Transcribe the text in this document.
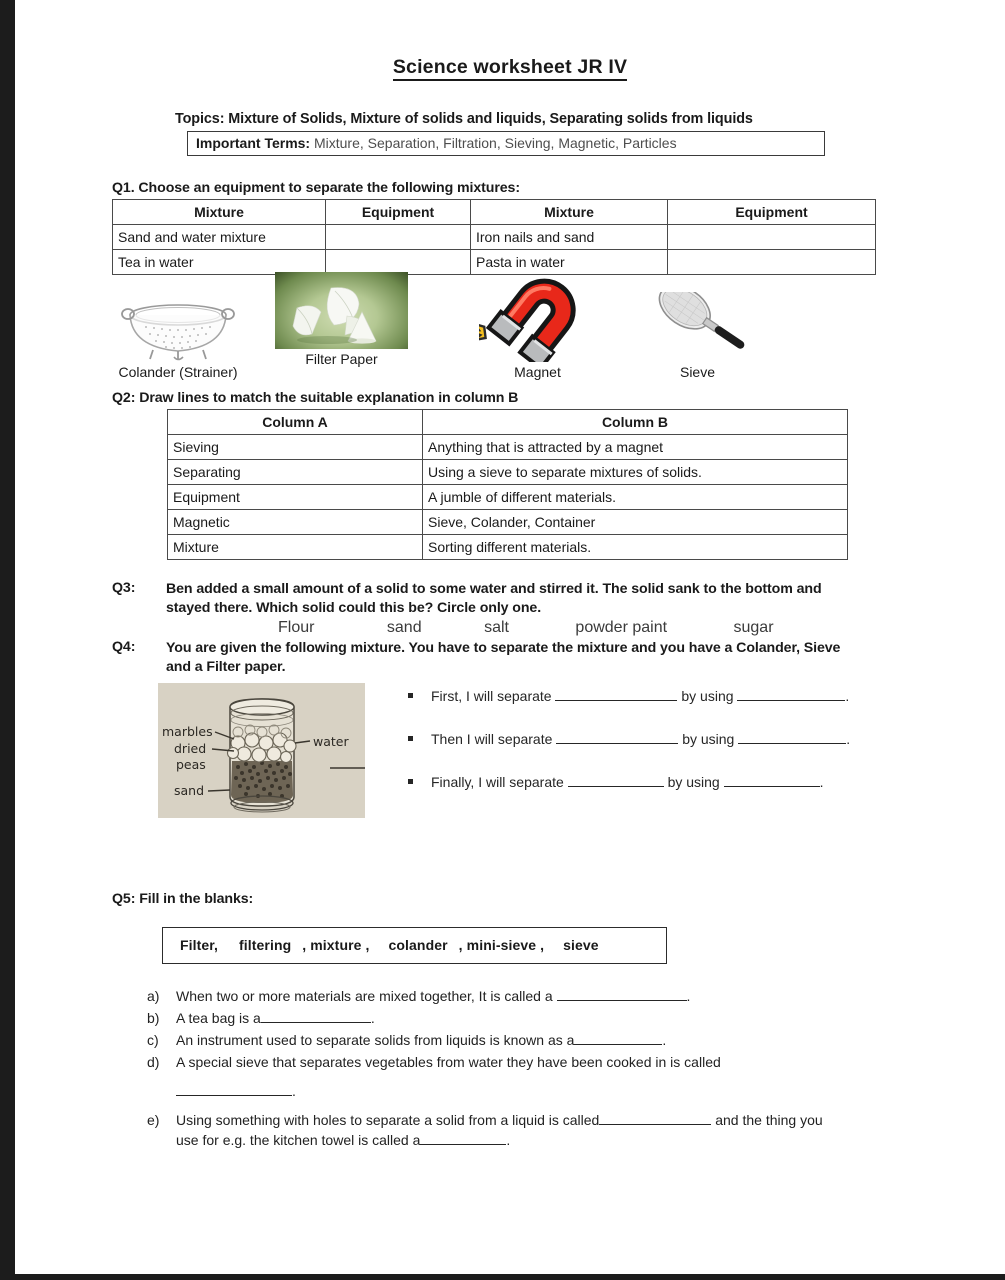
Science worksheet JR IV
Topics: Mixture of Solids, Mixture of solids and liquids, Separating solids from liquids
Important Terms: Mixture, Separation, Filtration, Sieving, Magnetic, Particles
Q1. Choose an equipment to separate the following mixtures:
Mixture	Equipment	Mixture	Equipment
Sand and water mixture		Iron nails and sand	
Tea in water		Pasta in water	
Colander (Strainer)
Filter Paper
Magnet	Sieve
Q2: Draw lines to match the suitable explanation in column B
Column A	Column B
Sieving	Anything that is attracted by a magnet
Separating	Using a sieve to separate mixtures of solids.
Equipment	A jumble of different materials.
Magnetic	Sieve, Colander, Container
Mixture	Sorting different materials.
Q3:	Ben added a small amount of a solid to some water and stirred it. The solid sank to the bottom and
stayed there. Which solid could this be? Circle only one.
Flour	sand	salt	powder paint	sugar
Q4:	You are given the following mixture. You have to separate the mixture and you have a Colander, Sieve
and a Filter paper.
marbles
dried
peas
sand
water
First, I will separate	by using	.
Then I will separate	by using	.
Finally, I will separate	by using	.
Q5: Fill in the blanks:
Filter, filtering , mixture , colander , mini-sieve , sieve
a) When two or more materials are mixed together, It is called a	.
b) A tea bag is a	.
c) An instrument used to separate solids from liquids is known as a	.
d) A special sieve that separates vegetables from water they have been cooked in is called
.
e) Using something with holes to separate a solid from a liquid is called	and the thing you
use for e.g. the kitchen towel is called a	.
